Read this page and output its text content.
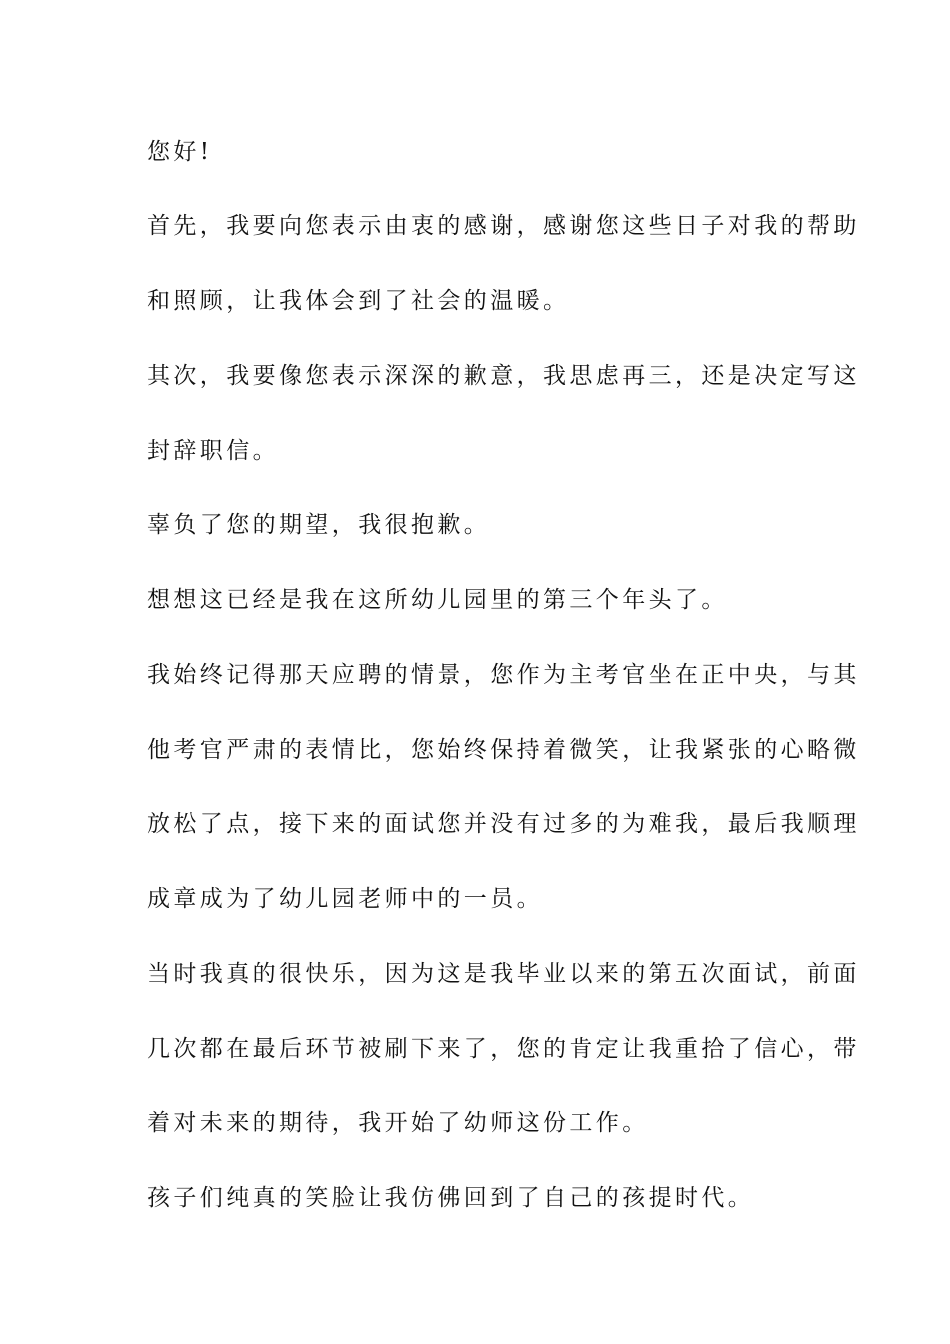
您好!
首先，我要向您表示由衷的感谢，感谢您这些日子对我的帮助
和照顾，让我体会到了社会的温暖。
其次，我要像您表示深深的歉意，我思虑再三，还是决定写这
封辞职信。
辜负了您的期望，我很抱歉。
想想这已经是我在这所幼儿园里的第三个年头了。
我始终记得那天应聘的情景，您作为主考官坐在正中央，与其
他考官严肃的表情比，您始终保持着微笑，让我紧张的心略微
放松了点，接下来的面试您并没有过多的为难我，最后我顺理
成章成为了幼儿园老师中的一员。
当时我真的很快乐，因为这是我毕业以来的第五次面试，前面
几次都在最后环节被刷下来了，您的肯定让我重拾了信心，带
着对未来的期待，我开始了幼师这份工作。
孩子们纯真的笑脸让我仿佛回到了自己的孩提时代。
